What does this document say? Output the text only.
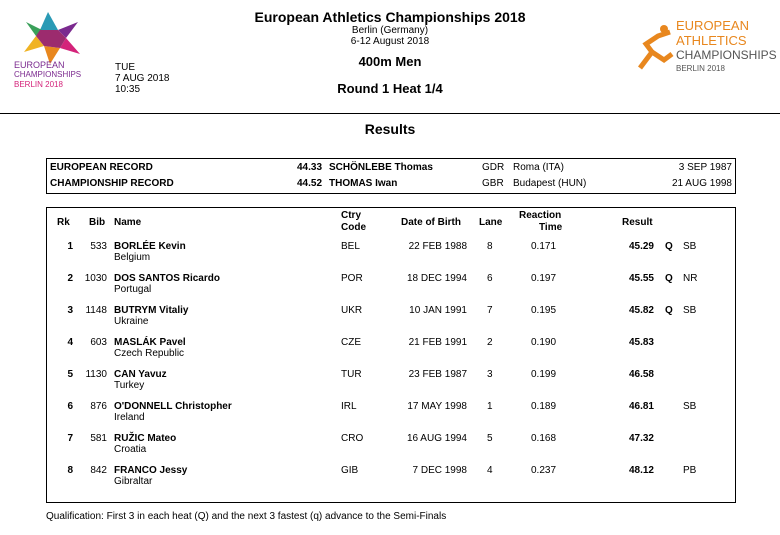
EUROPEAN
CHAMPIONSHIPS
BERLIN 2018
EUROPEAN
ATHLETICS
CHAMPIONSHIPS
BERLIN 2018
European Athletics Championships 2018
Berlin (Germany)
6-12 August 2018
400m Men
Round 1 Heat 1/4
TUE
7 AUG 2018
10:35
Results
EUROPEAN RECORD	44.33 SCHÖNLEBE Thomas	GDR Roma (ITA)	3 SEP 1987
CHAMPIONSHIP RECORD	44.52 THOMAS Iwan	GBR Budapest (HUN)	21 AUG 1998
Rk Bib Name
Ctry
Code	Date of Birth Lane
Reaction
Time	Result
1	533 BORLÉE Kevin	BEL	22 FEB 1988 8	0.171	45.29 Q SB
Belgium
2	1030 DOS SANTOS Ricardo	POR	18 DEC 1994 6	0.197	45.55 Q NR
Portugal
3	1148 BUTRYM Vitaliy	UKR	10 JAN 1991 7	0.195	45.82 Q SB
Ukraine
4	603 MASLÁK Pavel	CZE	21 FEB 1991 2	0.190	45.83
Czech Republic
5	1130 CAN Yavuz	TUR	23 FEB 1987 3	0.199	46.58
Turkey
6	876 O'DONNELL Christopher	IRL	17 MAY 1998 1	0.189	46.81	SB
Ireland
7	581 RUŽIC Mateo	CRO	16 AUG 1994 5	0.168	47.32
Croatia
8	842 FRANCO Jessy	GIB	7 DEC 1998 4	0.237	48.12	PB
Gibraltar
Qualification: First 3 in each heat (Q) and the next 3 fastest (q) advance to the Semi-Finals
